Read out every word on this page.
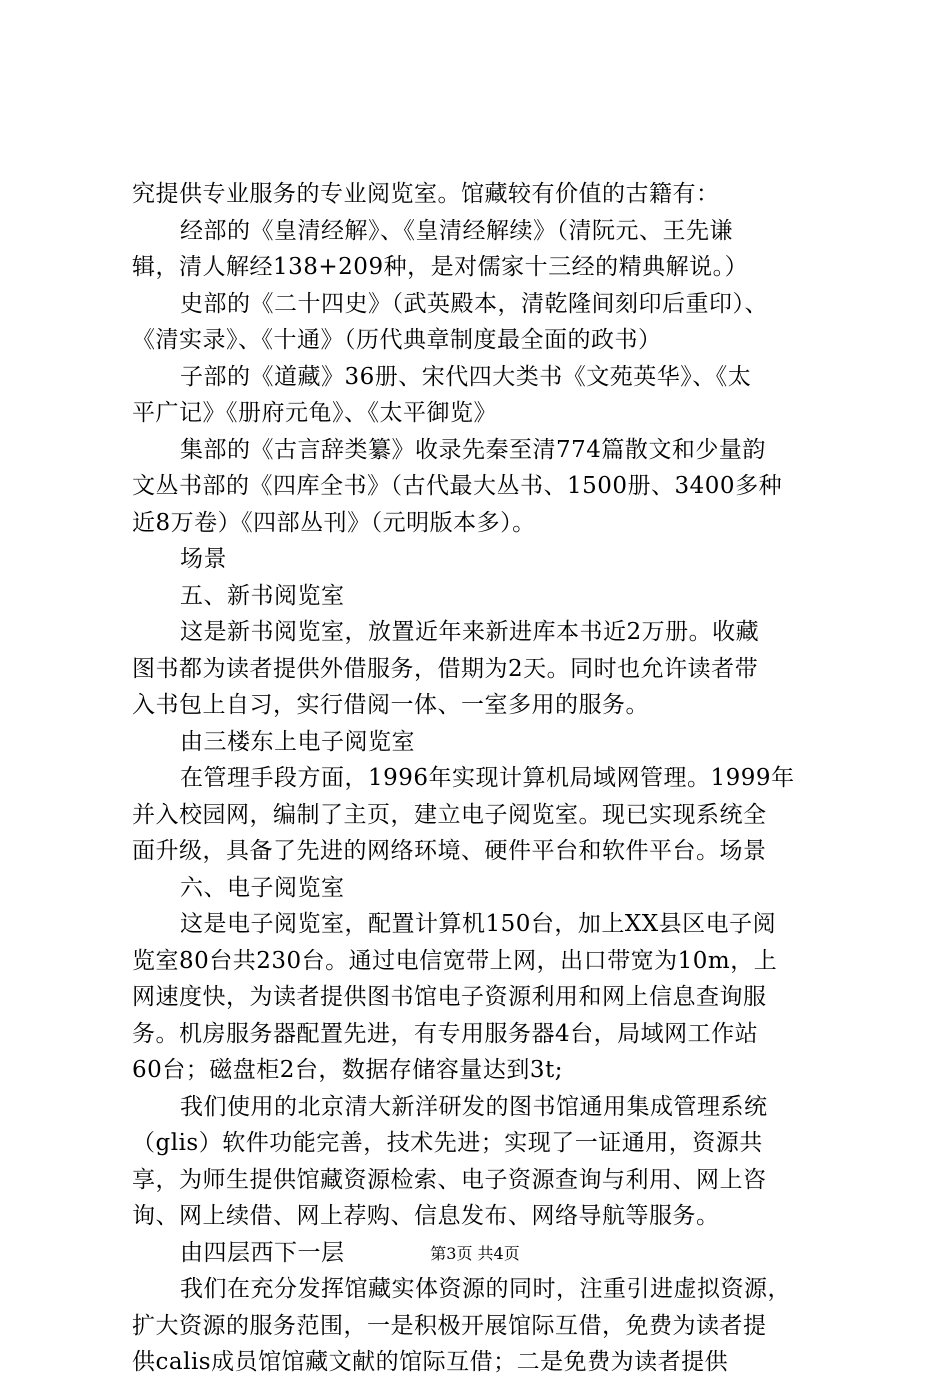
究提供专业服务的专业阅览室。馆藏较有价值的古籍有：
经部的《皇清经解》、《皇清经解续》（清阮元、王先谦
辑，清人解经138+209种，是对儒家十三经的精典解说。）
史部的《二十四史》（武英殿本，清乾隆间刻印后重印）、
《清实录》、《十通》（历代典章制度最全面的政书）
子部的《道藏》36册、宋代四大类书《文苑英华》、《太
平广记》《册府元龟》、《太平御览》
集部的《古言辞类纂》收录先秦至清774篇散文和少量韵
文丛书部的《四库全书》（古代最大丛书、1500册、3400多种
近8万卷）《四部丛刊》（元明版本多）。
场景
五、新书阅览室
这是新书阅览室，放置近年来新进库本书近2万册。收藏
图书都为读者提供外借服务，借期为2天。同时也允许读者带
入书包上自习，实行借阅一体、一室多用的服务。
由三楼东上电子阅览室
在管理手段方面，1996年实现计算机局域网管理。1999年
并入校园网，编制了主页，建立电子阅览室。现已实现系统全
面升级，具备了先进的网络环境、硬件平台和软件平台。场景
六、电子阅览室
这是电子阅览室，配置计算机150台，加上XX县区电子阅
览室80台共230台。通过电信宽带上网，出口带宽为10m，上
网速度快，为读者提供图书馆电子资源利用和网上信息查询服
务。机房服务器配置先进，有专用服务器4台，局域网工作站
60台；磁盘柜2台，数据存储容量达到3t;
我们使用的北京清大新洋研发的图书馆通用集成管理系统
（glis）软件功能完善，技术先进；实现了一证通用，资源共
享，为师生提供馆藏资源检索、电子资源查询与利用、网上咨
询、网上续借、网上荐购、信息发布、网络导航等服务。
由四层西下一层
我们在充分发挥馆藏实体资源的同时，注重引进虚拟资源，
扩大资源的服务范围，一是积极开展馆际互借，免费为读者提
供calis成员馆馆藏文献的馆际互借；二是免费为读者提供
第3页 共4页
